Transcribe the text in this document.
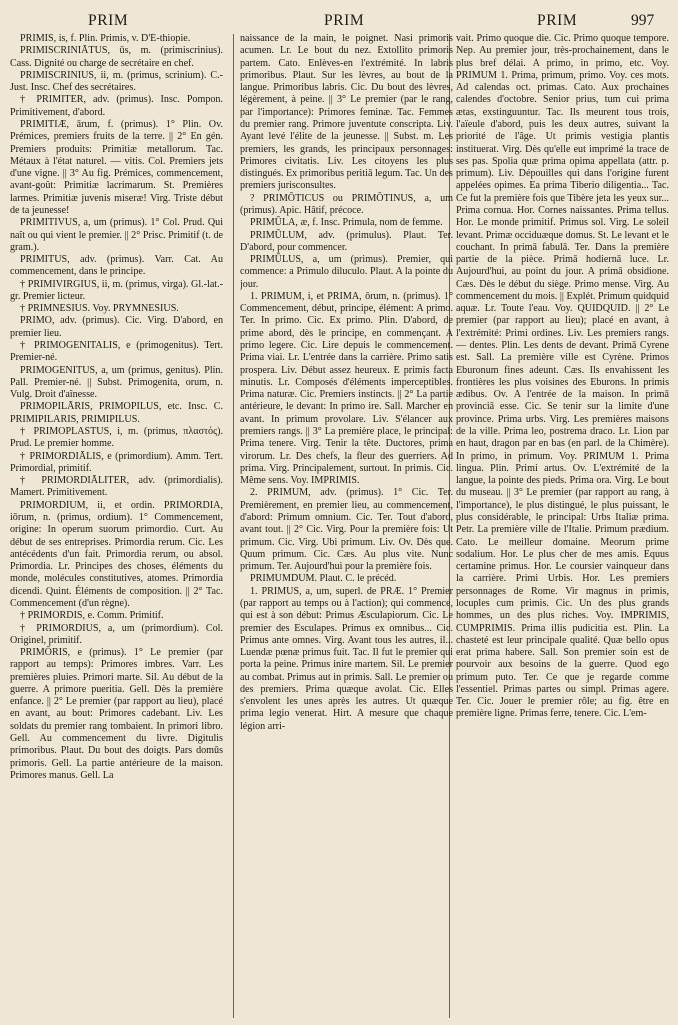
PRIM	PRIM	PRIM	997

PRIMIS, is, f. Plin. Primis, v. D'É-thiopie.

PRIMISCRINIĀTUS, ūs, m. (primiscrinius). Cass. Dignité ou charge de secrétaire en chef.

PRIMISCRINIUS, ii, m. (primus, scrinium). C.-Just. Insc. Chef des secrétaires.

† PRIMITER, adv. (primus). Insc. Pompon. Primitivement, d'abord.

PRIMITIÆ, ārum, f. (primus). 1° Plin. Ov. Prémices, premiers fruits de la terre. || 2° En gén. Premiers produits: Primitiæ metallorum. Tac. Métaux à l'état naturel. — vitis. Col. Premiers jets d'une vigne. || 3° Au fig. Prémices, commencement, avant-goût: Primitiæ lacrimarum. St. Premières larmes. Primitiæ juvenis miseræ! Virg. Triste début de ta jeunesse!

PRIMITIVUS, a, um (primus). 1° Col. Prud. Qui naît ou qui vient le premier. || 2° Prisc. Primitif (t. de gram.).

PRIMITUS, adv. (primus). Varr. Cat. Au commencement, dans le principe.

† PRIMIVIRGIUS, ii, m. (primus, virga). Gl.-lat.-gr. Premier licteur.

† PRIMNESIUS. Voy. PRYMNESIUS.

PRIMO, adv. (primus). Cic. Virg. D'abord, en premier lieu.

† PRIMOGENITALIS, e (primogenitus). Tert. Premier-né.

PRIMOGENITUS, a, um (primus, genitus). Plin. Pall. Premier-né. || Subst. Primogenita, orum, n. Vulg. Droit d'aînesse.

PRIMOPILĀRIS, PRIMOPILUS, etc. Insc. C. PRIMIPILARIS, PRIMIPILUS.

† PRIMOPLASTUS, i, m. (primus, πλαστός). Prud. Le premier homme.

† PRIMORDIĀLIS, e (primordium). Amm. Tert. Primordial, primitif.

† PRIMORDIĀLITER, adv. (primordialis). Mamert. Primitivement.

PRIMORDIUM, ii, et ordin. PRIMORDIA, iōrum, n. (primus, ordium). 1° Commencement, origine: In operum suorum primordio. Curt. Au début de ses entreprises. Primordia rerum. Cic. Les antécédents d'un fait. Primordia rerum, ou absol. Primordia. Lr. Principes des choses, éléments du monde, molécules constitutives, atomes. Primordia dicendi. Quint. Éléments de composition. || 2° Tac. Commencement (d'un règne).

† PRIMORDIS, e. Comm. Primitif.

† PRIMORDIUS, a, um (primordium). Col. Originel, primitif.

PRIMŌRIS, e (primus). 1° Le premier (par rapport au temps): Primores imbres. Varr. Les premières pluies. Primori marte. Sil. Au début de la guerre. A primore pueritia. Gell. Dès la première enfance. || 2° Le premier (par rapport au lieu), placé en avant, au bout: Primores cadebant. Liv. Les soldats du premier rang tombaient. In primori libro. Gell. Au commencement du livre. Digitulis primoribus. Plaut. Du bout des doigts. Pars domūs primoris. Gell. La partie antérieure de la maison. Primores manus. Gell. La

naissance de la main, le poignet. Nasi primoris acumen. Lr. Le bout du nez. Extollito primoris partem. Cato. Enlèves-en l'extrémité. In labris primoribus. Plaut. Sur les lèvres, au bout de la langue. Primoribus labris. Cic. Du bout des lèvres, légèrement, à peine. || 3° Le premier (par le rang, par l'importance): Primores feminæ. Tac. Femmes du premier rang. Primore juventute conscripta. Liv. Ayant levé l'élite de la jeunesse. || Subst. m. Les premiers, les grands, les principaux personnages: Primores civitatis. Liv. Les citoyens les plus distingués. Ex primoribus peritiā legum. Tac. Un des premiers jurisconsultes.

? PRIMŌTICUS ou PRIMŌTINUS, a, um (primus). Apic. Hâtif, précoce.

PRIMŪLA, æ, f. Insc. Primula, nom de femme.

PRIMŪLUM, adv. (primulus). Plaut. Ter. D'abord, pour commencer.

PRIMŪLUS, a, um (primus). Premier, qui commence: a Primulo diluculo. Plaut. A la pointe du jour.

1. PRIMUM, i, et PRIMA, ōrum, n. (primus). 1° Commencement, début, principe, élément: A primo. Ter. In primo. Cic. Ex primo. Plin. D'abord, de prime abord, dès le principe, en commençant. A primo legere. Cic. Lire depuis le commencement. Prima viai. Lr. L'entrée dans la carrière. Primo satis prospera. Liv. Début assez heureux. E primis facta minutis. Lr. Composés d'éléments imperceptibles. Prima naturæ. Cic. Premiers instincts. || 2° La partie antérieure, le devant: In primo ire. Sall. Marcher en avant. In primum provolare. Liv. S'élancer aux premiers rangs. || 3° La première place, le principal: Prima tenere. Virg. Tenir la tête. Ductores, prima virorum. Lr. Des chefs, la fleur des guerriers. Ad prima. Virg. Principalement, surtout. In primis. Cic. Même sens. Voy. IMPRIMIS.

2. PRIMUM, adv. (primus). 1° Cic. Ter. Premièrement, en premier lieu, au commencement, d'abord: Primum omnium. Cic. Ter. Tout d'abord, avant tout. || 2° Cic. Virg. Pour la première fois: Ut primum. Cic. Virg. Ubi primum. Liv. Ov. Dès que. Quum primum. Cic. Cæs. Au plus vite. Nunc primum. Ter. Aujourd'hui pour la première fois.

PRIMUMDUM. Plaut. C. le précéd.

1. PRIMUS, a, um, superl. de PRÆ. 1° Premier (par rapport au temps ou à l'action); qui commence, qui est à son début: Primus Æsculapiorum. Cic. Le premier des Esculapes. Primus ex omnibus... Cic. Primus ante omnes. Virg. Avant tous les autres, il... Luendæ pœnæ primus fuit. Tac. Il fut le premier qui porta la peine. Primus inire martem. Sil. Le premier au combat. Primus aut in primis. Sall. Le premier ou des premiers. Prima quæque avolat. Cic. Elles s'envolent les unes après les autres. Ut quæque prima legio venerat. Hirt. A mesure que chaque légion arri-

vait. Primo quoque die. Cic. Primo quoque tempore. Nep. Au premier jour, très-prochainement, dans le plus bref délai. A primo, in primo, etc. Voy. PRIMUM 1. Prima, primum, primo. Voy. ces mots. Ad calendas oct. primas. Cato. Aux prochaines calendes d'octobre. Senior prius, tum cui prima ætas, exstinguuntur. Tac. Ils meurent tous trois, l'aïeule d'abord, puis les deux autres, suivant la priorité de l'âge. Ut primis vestigia plantis instituerat. Virg. Dès qu'elle eut imprimé la trace de ses pas. Spolia quæ prima opima appellata (attr. p. primum). Liv. Dépouilles qui dans l'origine furent appelées opimes. Ea prima Tiberio diligentia... Tac. Ce fut la première fois que Tibère jeta les yeux sur... Prima cornua. Hor. Cornes naissantes. Prima tellus. Hor. Le monde primitif. Primus sol. Virg. Le soleil levant. Primæ occiduæque domus. St. Le levant et le couchant. In primā fabulā. Ter. Dans la première partie de la pièce. Primā hodiernā luce. Lr. Aujourd'hui, au point du jour. A primā obsidione. Cæs. Dès le début du siège. Primo mense. Virg. Au commencement du mois. || Explét. Primum quidquid aquæ. Lr. Toute l'eau. Voy. QUIDQUID. || 2° Le premier (par rapport au lieu); placé en avant, à l'extrémité: Primi ordines. Liv. Les premiers rangs. — dentes. Plin. Les dents de devant. Primā Cyrene est. Sall. La première ville est Cyrène. Primos Eburonum fines adeunt. Cæs. Ils envahissent les frontières les plus voisines des Eburons. In primis ædibus. Ov. A l'entrée de la maison. In primā provinciā esse. Cic. Se tenir sur la limite d'une province. Prima urbs. Virg. Les premières maisons de la ville. Prima leo, postrema draco. Lr. Lion par en haut, dragon par en bas (en parl. de la Chimère). In primo, in primum. Voy. PRIMUM 1. Prima lingua. Plin. Primi artus. Ov. L'extrémité de la langue, la pointe des pieds. Prima ora. Virg. Le bout du museau. || 3° Le premier (par rapport au rang, à l'importance), le plus distingué, le plus puissant, le plus considérable, le principal: Urbs Italiæ prima. Petr. La première ville de l'Italie. Primum prædium. Cato. Le meilleur domaine. Meorum prime sodalium. Hor. Le plus cher de mes amis. Equus certamine primus. Hor. Le coursier vainqueur dans la carrière. Primi Urbis. Hor. Les premiers personnages de Rome. Vir magnus in primis, locuples cum primis. Cic. Un des plus grands hommes, un des plus riches. Voy. IMPRIMIS, CUMPRIMIS. Prima illis pudicitia est. Plin. La chasteté est leur principale qualité. Quæ bello opus erat prima habere. Sall. Son premier soin est de pourvoir aux besoins de la guerre. Quod ego primum puto. Ter. Ce que je regarde comme l'essentiel. Primas partes ou simpl. Primas agere. Ter. Cic. Jouer le premier rôle; au fig. être en première ligne. Primas ferre, tenere. Cic. L'em-
